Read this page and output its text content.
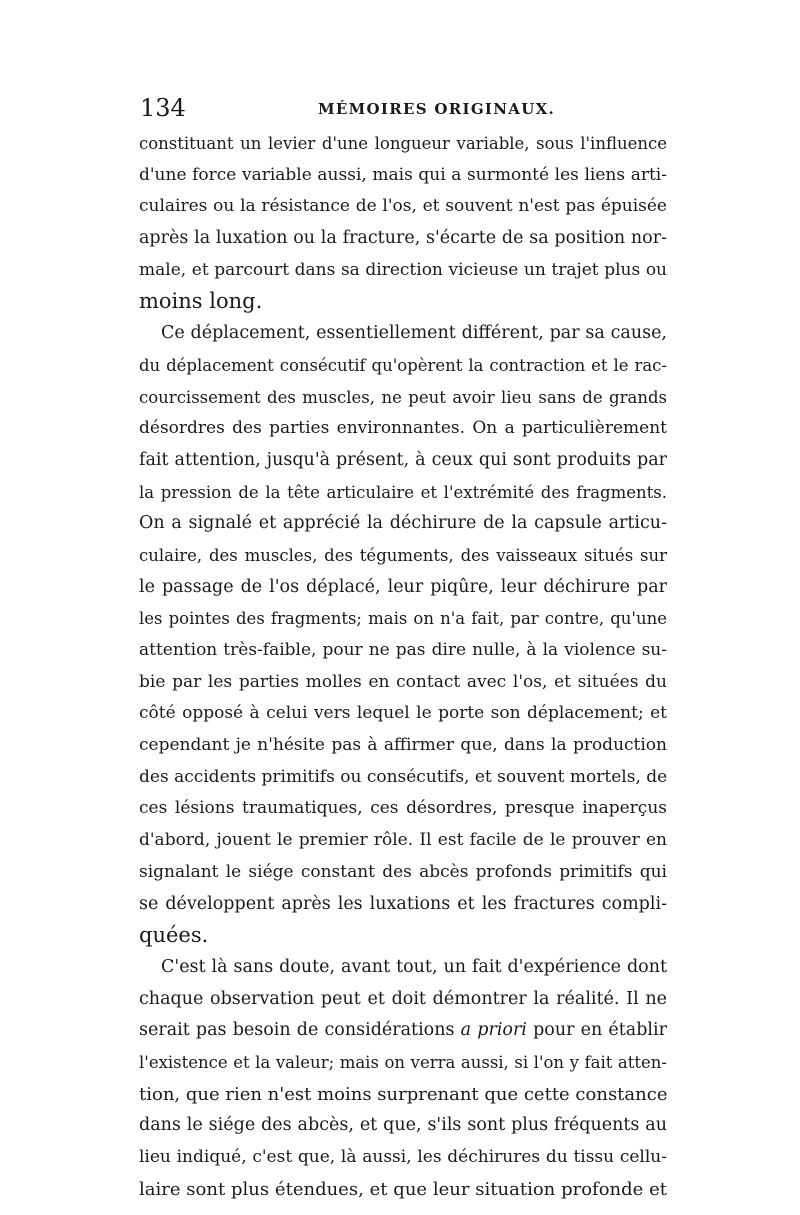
134	MÉMOIRES ORIGINAUX.
constituant un levier d'une longueur variable, sous l'influence
d'une force variable aussi, mais qui a surmonté les liens arti-
culaires ou la résistance de l'os, et souvent n'est pas épuisée
après la luxation ou la fracture, s'écarte de sa position nor-
male, et parcourt dans sa direction vicieuse un trajet plus ou
moins long.
Ce déplacement, essentiellement différent, par sa cause,
du déplacement consécutif qu'opèrent la contraction et le rac-
courcissement des muscles, ne peut avoir lieu sans de grands
désordres des parties environnantes. On a particulièrement
fait attention, jusqu'à présent, à ceux qui sont produits par
la pression de la tête articulaire et l'extrémité des fragments.
On a signalé et apprécié la déchirure de la capsule articu-
culaire, des muscles, des téguments, des vaisseaux situés sur
le passage de l'os déplacé, leur piqûre, leur déchirure par
les pointes des fragments; mais on n'a fait, par contre, qu'une
attention très-faible, pour ne pas dire nulle, à la violence su-
bie par les parties molles en contact avec l'os, et situées du
côté opposé à celui vers lequel le porte son déplacement; et
cependant je n'hésite pas à affirmer que, dans la production
des accidents primitifs ou consécutifs, et souvent mortels, de
ces lésions traumatiques, ces désordres, presque inaperçus
d'abord, jouent le premier rôle. Il est facile de le prouver en
signalant le siége constant des abcès profonds primitifs qui
se développent après les luxations et les fractures compli-
quées.
C'est là sans doute, avant tout, un fait d'expérience dont
chaque observation peut et doit démontrer la réalité. Il ne
serait pas besoin de considérations a priori pour en établir
l'existence et la valeur; mais on verra aussi, si l'on y fait atten-
tion, que rien n'est moins surprenant que cette constance
dans le siége des abcès, et que, s'ils sont plus fréquents au
lieu indiqué, c'est que, là aussi, les déchirures du tissu cellu-
laire sont plus étendues, et que leur situation profonde et
